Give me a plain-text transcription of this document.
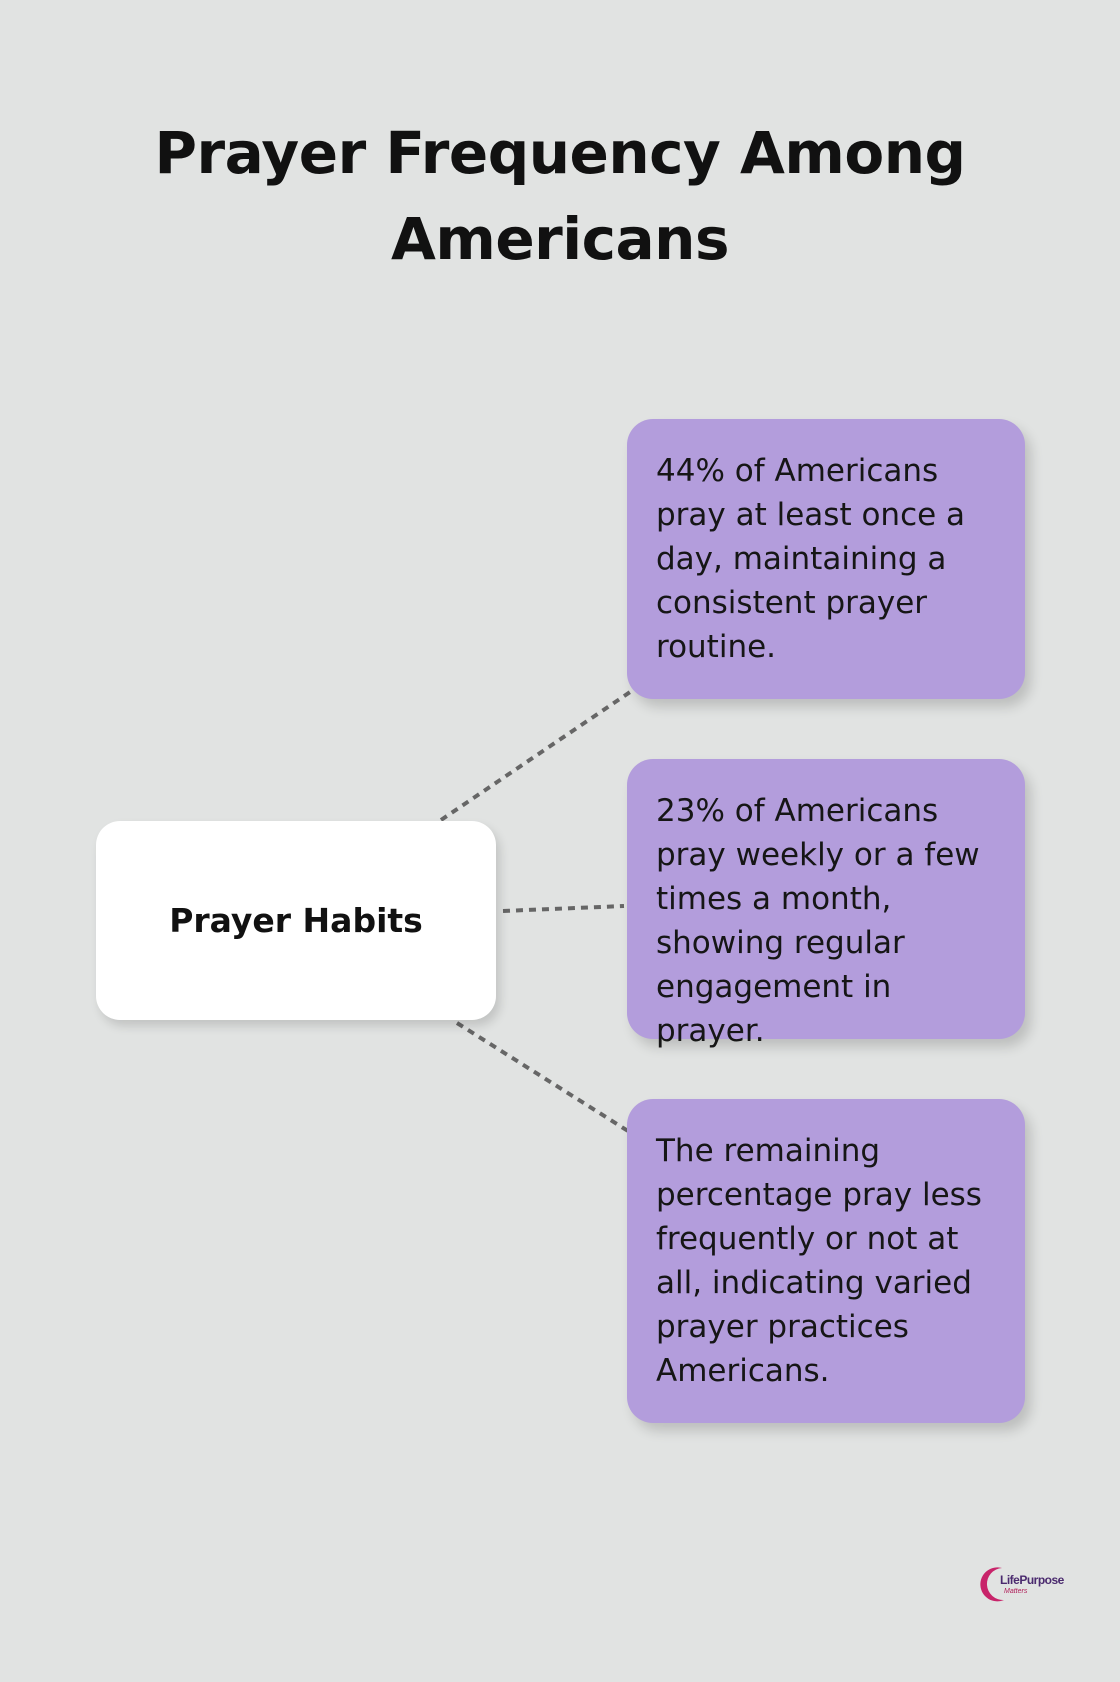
Prayer Frequency Among Americans
Prayer Habits
44% of Americans pray at least once a day, maintaining a consistent prayer routine.
23% of Americans pray weekly or a few times a month, showing regular engagement in prayer.
The remaining percentage pray less frequently or not at all, indicating varied prayer practices Americans.
LifePurpose
Matters
